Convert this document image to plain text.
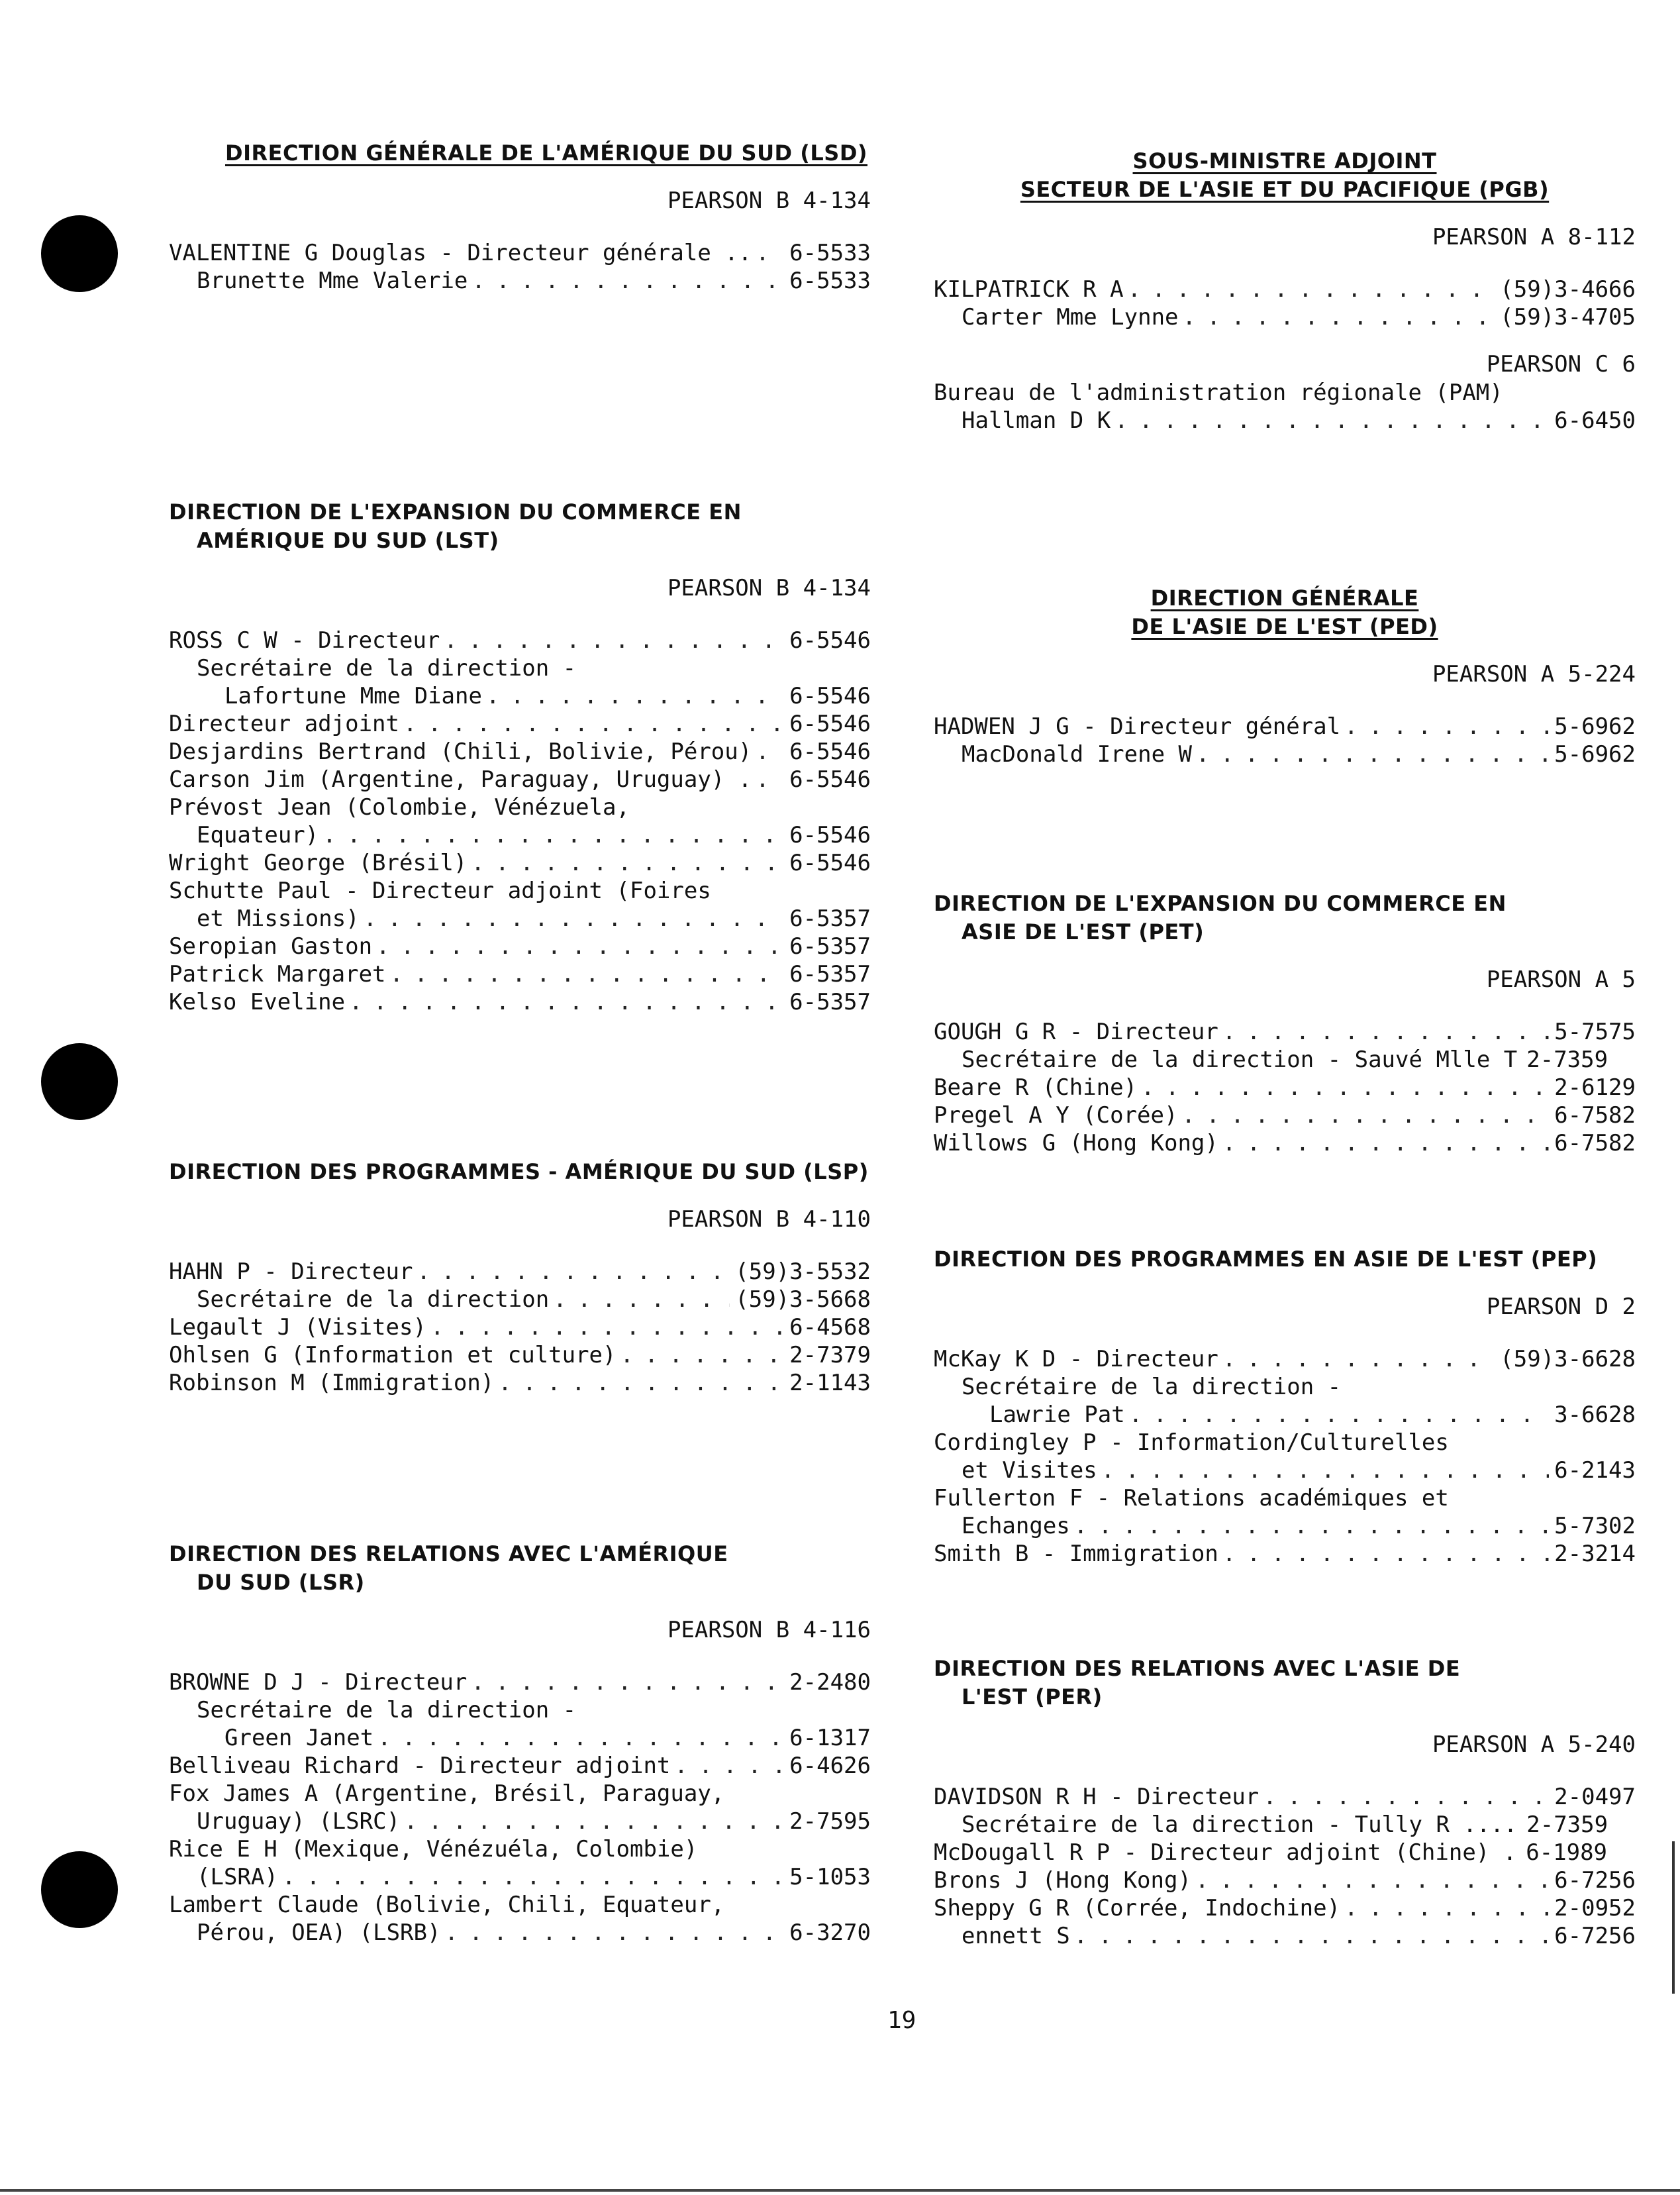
DIRECTION GÉNÉRALE DE L'AMÉRIQUE DU SUD (LSD)

PEARSON B 4-134
VALENTINE G Douglas - Directeur générale .. . . . 6-5533
Brunette Mme Valerie . . .	6-5533

DIRECTION DE L'EXPANSION DU COMMERCE EN

AMÉRIQUE DU SUD (LST)

PEARSON B 4-134
ROSS C W - Directeur . . .	6-5546
Secrétaire de la direction -
Lafortune Mme Diane . . .	6-5546
Directeur adjoint . . .	6-5546
Desjardins Bertrand (Chili, Bolivie, Pérou) . . . 6-5546
Carson Jim (Argentine, Paraguay, Uruguay) . . . . 6-5546
Prévost Jean (Colombie, Vénézuela,
Equateur) . . .	6-5546
Wright George (Brésil) . . .	6-5546
Schutte Paul - Directeur adjoint (Foires
et Missions) . . .	6-5357
Seropian Gaston . . .	6-5357
Patrick Margaret . . .	6-5357
Kelso Eveline . . .	6-5357

DIRECTION DES PROGRAMMES - AMÉRIQUE DU SUD (LSP)

PEARSON B 4-110
HAHN P - Directeur . . .	(59)3-5532
Secrétaire de la direction . . .	(59)3-5668
Legault J (Visites) . . .	6-4568
Ohlsen G (Information et culture) . . .	2-7379
Robinson M (Immigration) . . .	2-1143

DIRECTION DES RELATIONS AVEC L'AMÉRIQUE

DU SUD (LSR)

PEARSON B 4-116
BROWNE D J - Directeur . . .	2-2480
Secrétaire de la direction -
Green Janet . . .	6-1317
Belliveau Richard - Directeur adjoint . . .	6-4626
Fox James A (Argentine, Brésil, Paraguay,
Uruguay) (LSRC) . . .	2-7595
Rice E H (Mexique, Vénézuéla, Colombie)
(LSRA) . . .	5-1053
Lambert Claude (Bolivie, Chili, Equateur,
Pérou, OEA) (LSRB) . . .	6-3270

SOUS-MINISTRE ADJOINT

SECTEUR DE L'ASIE ET DU PACIFIQUE (PGB)

PEARSON A 8-112
KILPATRICK R A . . .	(59)3-4666
Carter Mme Lynne . . .	(59)3-4705
PEARSON C 6
Bureau de l'administration régionale (PAM)
Hallman D K . . .	6-6450

DIRECTION GÉNÉRALE

DE L'ASIE DE L'EST (PED)

PEARSON A 5-224
HADWEN J G - Directeur général . . .	5-6962
MacDonald Irene W . . .	5-6962

DIRECTION DE L'EXPANSION DU COMMERCE EN

ASIE DE L'EST (PET)

PEARSON A 5
GOUGH G R - Directeur . . .	5-7575
Secrétaire de la direction - Sauvé Mlle T 2-7359
Beare R (Chine) . . .	2-6129
Pregel A Y (Corée) . . .	6-7582
Willows G (Hong Kong) . . .	6-7582

DIRECTION DES PROGRAMMES EN ASIE DE L'EST (PEP)

PEARSON D 2
McKay K D - Directeur . . .	(59)3-6628
Secrétaire de la direction -
Lawrie Pat . . .	3-6628
Cordingley P - Information/Culturelles
et Visites . . .	6-2143
Fullerton F - Relations académiques et
Echanges . . .	5-7302
Smith B - Immigration . . .	2-3214

DIRECTION DES RELATIONS AVEC L'ASIE DE

L'EST (PER)

PEARSON A 5-240
DAVIDSON R H - Directeur . . .	2-0497
Secrétaire de la direction - Tully R .... 2-7359
McDougall R P - Directeur adjoint (Chine) . 6-1989
Brons J (Hong Kong) . . .	6-7256
Sheppy G R (Corrée, Indochine) . . .	2-0952
ennett S . . .	6-7256
19
